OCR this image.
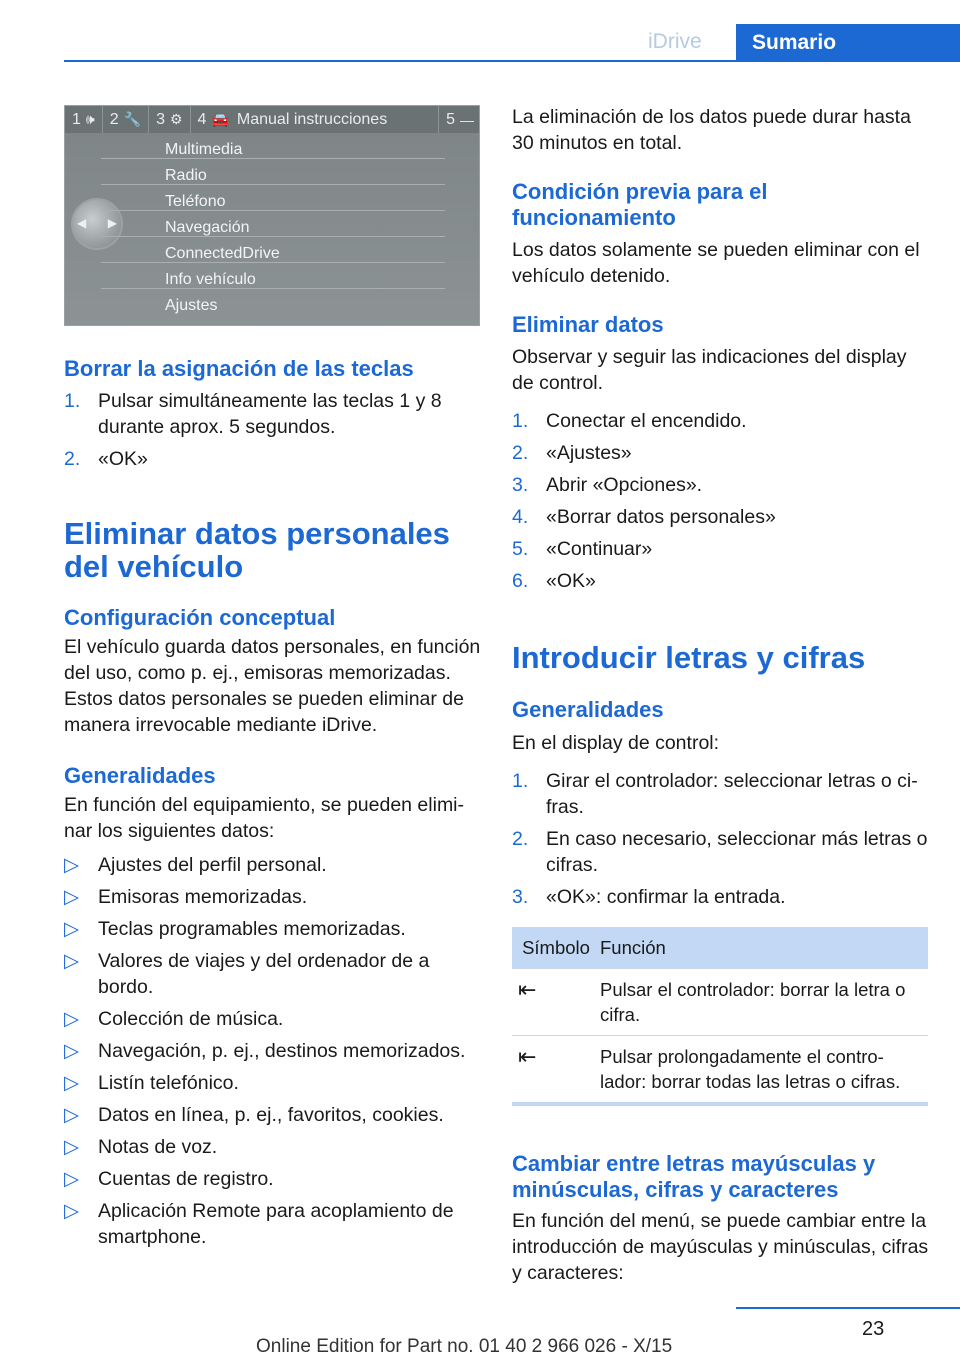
iDrive	Sumario
1 🕪 2 🔧 3 ⚙ 4 🚘 Manual instrucciones	5 —
◀ ▶
Multimedia
Radio
Teléfono
Navegación
ConnectedDrive
Info vehículo
Ajustes
Borrar la asignación de las teclas
1. Pulsar simultáneamente las teclas 1 y 8 durante aprox. 5 segundos.
2. «OK»
Eliminar datos personales del vehículo
Configuración conceptual
El vehículo guarda datos personales, en función del uso, como p. ej., emisoras memorizadas. Estos datos personales se pueden eliminar de manera irrevocable mediante iDrive.
Generalidades
En función del equipamiento, se pueden eliminar los siguientes datos:
▷ Ajustes del perfil personal.
▷ Emisoras memorizadas.
▷ Teclas programables memorizadas.
▷ Valores de viajes y del ordenador de a bordo.
▷ Colección de música.
▷ Navegación, p. ej., destinos memorizados.
▷ Listín telefónico.
▷ Datos en línea, p. ej., favoritos, cookies.
▷ Notas de voz.
▷ Cuentas de registro.
▷ Aplicación Remote para acoplamiento de smartphone.
La eliminación de los datos puede durar hasta 30 minutos en total.
Condición previa para el funcionamiento
Los datos solamente se pueden eliminar con el vehículo detenido.
Eliminar datos
Observar y seguir las indicaciones del display de control.
1. Conectar el encendido.
2. «Ajustes»
3. Abrir «Opciones».
4. «Borrar datos personales»
5. «Continuar»
6. «OK»
Introducir letras y cifras
Generalidades
En el display de control:
1. Girar el controlador: seleccionar letras o cifras.
2. En caso necesario, seleccionar más letras o cifras.
3. «OK»: confirmar la entrada.
Símbolo Función
⇤	Pulsar el controlador: borrar la letra o cifra.
⇤	Pulsar prolongadamente el controlador: borrar todas las letras o cifras.
Cambiar entre letras mayúsculas y minúsculas, cifras y caracteres
En función del menú, se puede cambiar entre la introducción de mayúsculas y minúsculas, cifras y caracteres:
23
Online Edition for Part no. 01 40 2 966 026 - X/15
